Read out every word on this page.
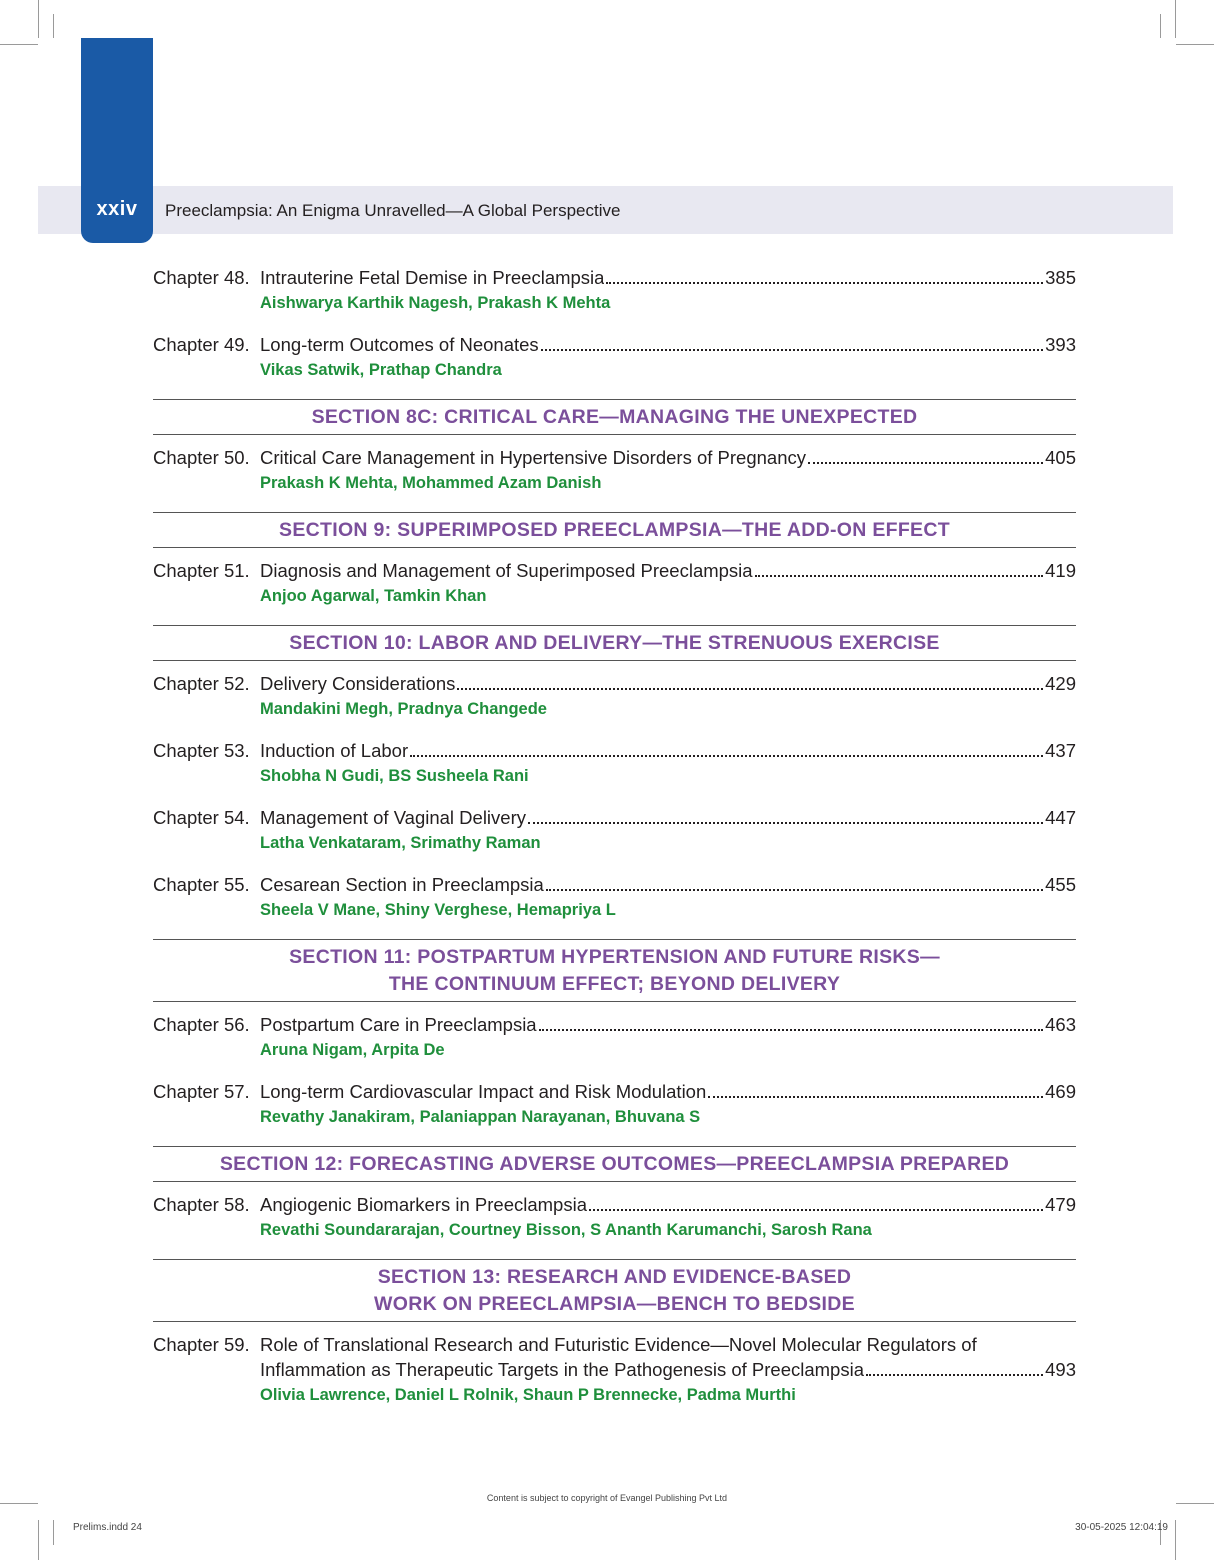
xxiv	Preeclampsia: An Enigma Unravelled—A Global Perspective
Chapter 48. Intrauterine Fetal Demise in Preeclampsia	385
Aishwarya Karthik Nagesh, Prakash K Mehta
Chapter 49. Long-term Outcomes of Neonates	393
Vikas Satwik, Prathap Chandra
SECTION 8C: CRITICAL CARE—MANAGING THE UNEXPECTED
Chapter 50. Critical Care Management in Hypertensive Disorders of Pregnancy	405
Prakash K Mehta, Mohammed Azam Danish
SECTION 9: SUPERIMPOSED PREECLAMPSIA—THE ADD-ON EFFECT
Chapter 51. Diagnosis and Management of Superimposed Preeclampsia	419
Anjoo Agarwal, Tamkin Khan
SECTION 10: LABOR AND DELIVERY—THE STRENUOUS EXERCISE
Chapter 52. Delivery Considerations	429
Mandakini Megh, Pradnya Changede
Chapter 53. Induction of Labor	437
Shobha N Gudi, BS Susheela Rani
Chapter 54. Management of Vaginal Delivery	447
Latha Venkataram, Srimathy Raman
Chapter 55. Cesarean Section in Preeclampsia	455
Sheela V Mane, Shiny Verghese, Hemapriya L
SECTION 11: POSTPARTUM HYPERTENSION AND FUTURE RISKS—
THE CONTINUUM EFFECT; BEYOND DELIVERY
Chapter 56. Postpartum Care in Preeclampsia	463
Aruna Nigam, Arpita De
Chapter 57. Long-term Cardiovascular Impact and Risk Modulation	469
Revathy Janakiram, Palaniappan Narayanan, Bhuvana S
SECTION 12: FORECASTING ADVERSE OUTCOMES—PREECLAMPSIA PREPARED
Chapter 58. Angiogenic Biomarkers in Preeclampsia	479
Revathi Soundararajan, Courtney Bisson, S Ananth Karumanchi, Sarosh Rana
SECTION 13: RESEARCH AND EVIDENCE-BASED
WORK ON PREECLAMPSIA—BENCH TO BEDSIDE
Chapter 59. Role of Translational Research and Futuristic Evidence—Novel Molecular Regulators of
Inflammation as Therapeutic Targets in the Pathogenesis of Preeclampsia	493
Olivia Lawrence, Daniel L Rolnik, Shaun P Brennecke, Padma Murthi
Content is subject to copyright of Evangel Publishing Pvt Ltd
Prelims.indd 24	30-05-2025 12:04:19
